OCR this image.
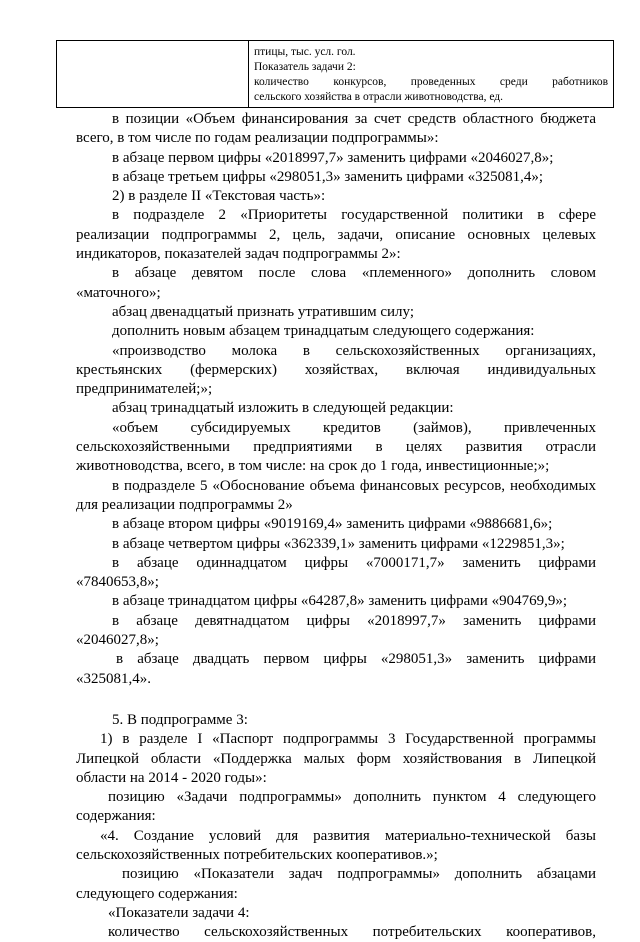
птицы, тыс. усл. гол.

Показатель задачи 2:

количество конкурсов, проведенных среди работников

сельского хозяйства в отрасли животноводства, ед.

в позиции «Объем финансирования за счет средств областного бюджета
всего, в том числе по годам реализации подпрограммы»:
в абзаце первом цифры «2018997,7» заменить цифрами «2046027,8»;
в абзаце третьем цифры «298051,3» заменить цифрами «325081,4»;
2) в разделе II «Текстовая часть»:
в подразделе 2 «Приоритеты государственной политики в сфере
реализации подпрограммы 2, цель, задачи, описание основных целевых
индикаторов, показателей задач подпрограммы 2»:
в абзаце девятом после слова «племенного» дополнить словом
«маточного»;
абзац двенадцатый признать утратившим силу;
дополнить новым абзацем тринадцатым следующего содержания:
«производство молока в сельскохозяйственных организациях,
крестьянских (фермерских) хозяйствах, включая индивидуальных
предпринимателей;»;
абзац тринадцатый изложить в следующей редакции:
«объем субсидируемых кредитов (займов), привлеченных
сельскохозяйственными предприятиями в целях развития отрасли
животноводства, всего, в том числе: на срок до 1 года, инвестиционные;»;
в подразделе 5 «Обоснование объема финансовых ресурсов, необходимых
для реализации подпрограммы 2»
в абзаце втором цифры «9019169,4» заменить цифрами «9886681,6»;
в абзаце четвертом цифры «362339,1» заменить цифрами «1229851,3»;
в абзаце одиннадцатом цифры «7000171,7» заменить цифрами
«7840653,8»;
в абзаце тринадцатом цифры «64287,8» заменить цифрами «904769,9»;
в абзаце девятнадцатом цифры «2018997,7» заменить цифрами
«2046027,8»;
в абзаце двадцать первом цифры «298051,3» заменить цифрами
«325081,4».
5. В подпрограмме 3:
1) в разделе I «Паспорт подпрограммы 3 Государственной программы
Липецкой области «Поддержка малых форм хозяйствования в Липецкой
области на 2014 - 2020 годы»:
позицию «Задачи подпрограммы» дополнить пунктом 4 следующего
содержания:
«4. Создание условий для развития материально-технической базы
сельскохозяйственных потребительских кооперативов.»;
позицию «Показатели задач подпрограммы» дополнить абзацами
следующего содержания:
«Показатели задачи 4:
количество сельскохозяйственных потребительских кооперативов,
